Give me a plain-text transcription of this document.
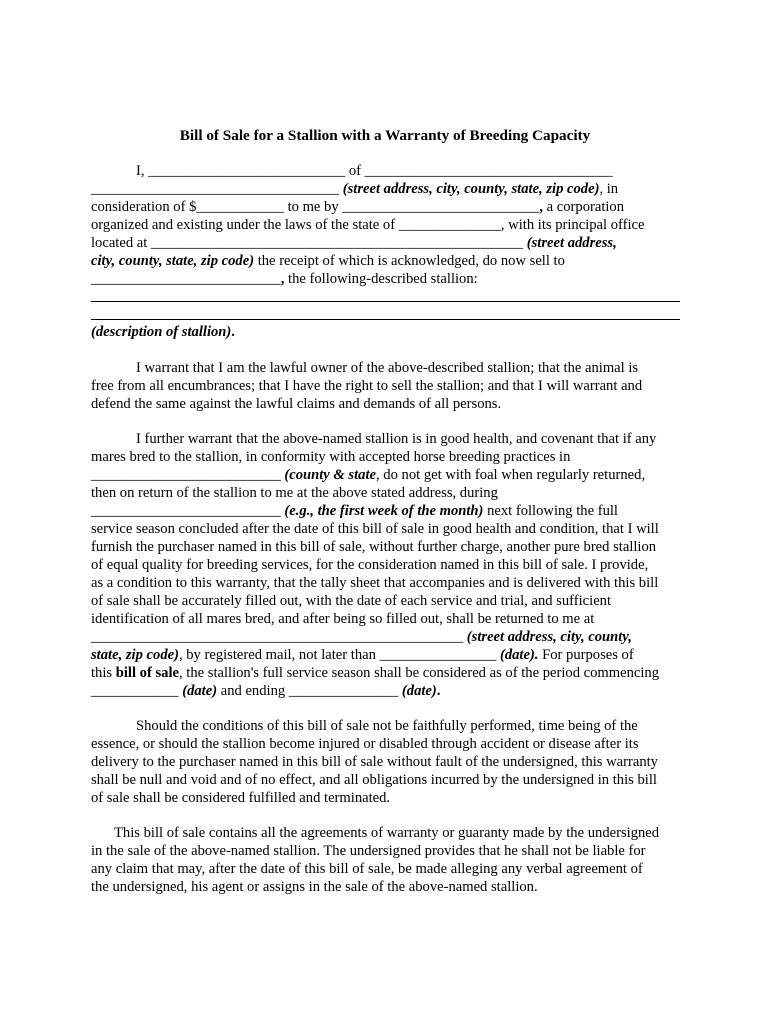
Bill of Sale for a Stallion with a Warranty of Breeding Capacity
I, ___________________________ of __________________________________
__________________________________ (street address, city, county, state, zip code), in
consideration of $____________ to me by ___________________________, a corporation
organized and existing under the laws of the state of ______________, with its principal office
located at ___________________________________________________ (street address,
city, county, state, zip code) the receipt of which is acknowledged, do now sell to
__________________________, the following-described stallion:
(description of stallion).
I warrant that I am the lawful owner of the above-described stallion; that the animal is
free from all encumbrances; that I have the right to sell the stallion; and that I will warrant and
defend the same against the lawful claims and demands of all persons.
I further warrant that the above-named stallion is in good health, and covenant that if any
mares bred to the stallion, in conformity with accepted horse breeding practices in
__________________________ (county & state, do not get with foal when regularly returned,
then on return of the stallion to me at the above stated address, during
__________________________ (e.g., the first week of the month) next following the full
service season concluded after the date of this bill of sale in good health and condition, that I will
furnish the purchaser named in this bill of sale, without further charge, another pure bred stallion
of equal quality for breeding services, for the consideration named in this bill of sale. I provide,
as a condition to this warranty, that the tally sheet that accompanies and is delivered with this bill
of sale shall be accurately filled out, with the date of each service and trial, and sufficient
identification of all mares bred, and after being so filled out, shall be returned to me at
___________________________________________________ (street address, city, county,
state, zip code), by registered mail, not later than ________________ (date). For purposes of
this bill of sale, the stallion's full service season shall be considered as of the period commencing
____________ (date) and ending _______________ (date).
Should the conditions of this bill of sale not be faithfully performed, time being of the
essence, or should the stallion become injured or disabled through accident or disease after its
delivery to the purchaser named in this bill of sale without fault of the undersigned, this warranty
shall be null and void and of no effect, and all obligations incurred by the undersigned in this bill
of sale shall be considered fulfilled and terminated.
This bill of sale contains all the agreements of warranty or guaranty made by the undersigned
in the sale of the above-named stallion. The undersigned provides that he shall not be liable for
any claim that may, after the date of this bill of sale, be made alleging any verbal agreement of
the undersigned, his agent or assigns in the sale of the above-named stallion.
